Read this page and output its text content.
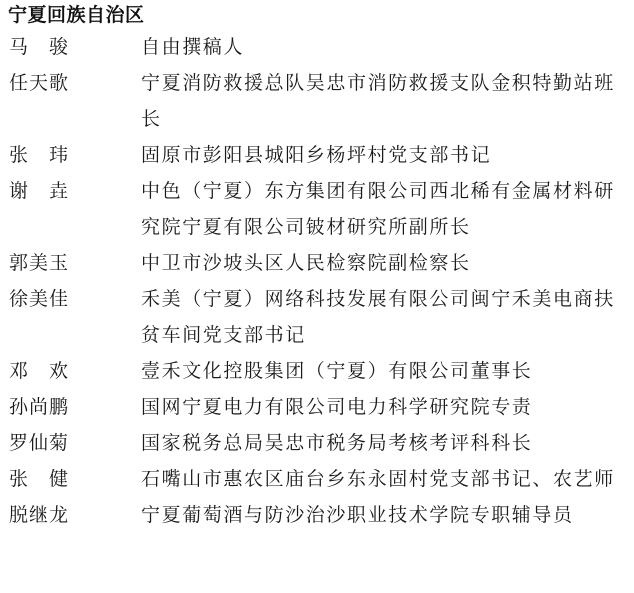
宁夏回族自治区
马　骏	自由撰稿人
任天歌	宁夏消防救援总队吴忠市消防救援支队金积特勤站班长
张　玮	固原市彭阳县城阳乡杨坪村党支部书记
谢　垚	中色（宁夏）东方集团有限公司西北稀有金属材料研究院宁夏有限公司铍材研究所副所长
郭美玉	中卫市沙坡头区人民检察院副检察长
徐美佳	禾美（宁夏）网络科技发展有限公司闽宁禾美电商扶贫车间党支部书记
邓　欢	壹禾文化控股集团（宁夏）有限公司董事长
孙尚鹏	国网宁夏电力有限公司电力科学研究院专责
罗仙菊	国家税务总局吴忠市税务局考核考评科科长
张　健	石嘴山市惠农区庙台乡东永固村党支部书记、农艺师
脱继龙	宁夏葡萄酒与防沙治沙职业技术学院专职辅导员
